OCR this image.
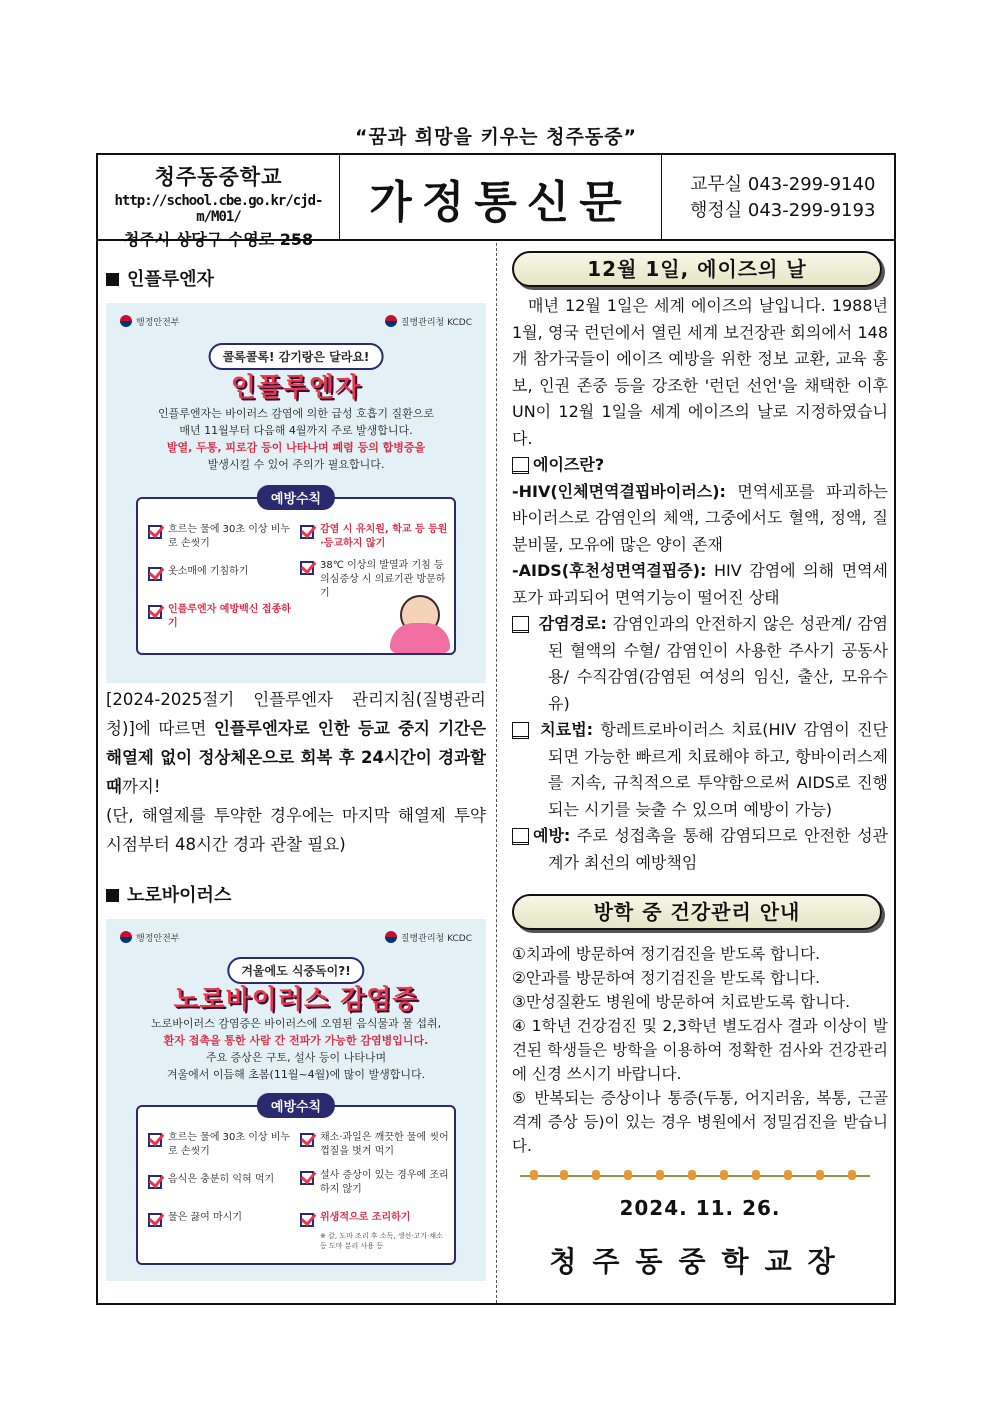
“꿈과 희망을 키우는 청주동중”
청주동중학교
http://school.cbe.go.kr/cjd-m/M01/
청주시 상당구 수영로 258
가정통신문	교무실 043-299-9140
행정실 043-299-9193
인플루엔자
행정안전부	질병관리청 KCDC
콜록콜록! 감기랑은 달라요!
인플루엔자
인플루엔자는 바이러스 감염에 의한 급성 호흡기 질환으로
매년 11월부터 다음해 4월까지 주로 발생합니다.
발열, 두통, 피로감 등이 나타나며 폐렴 등의 합병증을
발생시킬 수 있어 주의가 필요합니다.
예방수칙
흐르는 물에 30초 이상 비누로 손씻기
감염 시 유치원, 학교 등 등원·등교하지 않기
옷소매에 기침하기
38℃ 이상의 발열과 기침 등 의심증상 시 의료기관 방문하기
인플루엔자 예방백신 접종하기
[2024-2025절기 인플루엔자 관리지침(질병관리청)]에 따르면 인플루엔자로 인한 등교 중지 기간은 해열제 없이 정상체온으로 회복 후 24시간이 경과할 때까지!
(단, 해열제를 투약한 경우에는 마지막 해열제 투약 시점부터 48시간 경과 관찰 필요)
노로바이러스
행정안전부	질병관리청 KCDC
겨울에도 식중독이?!
노로바이러스 감염증
노로바이러스 감염증은 바이러스에 오염된 음식물과 물 섭취,
환자 접촉을 통한 사람 간 전파가 가능한 감염병입니다.
주요 증상은 구토, 설사 등이 나타나며
겨울에서 이듬해 초봄(11월~4월)에 많이 발생합니다.
예방수칙
흐르는 물에 30초 이상 비누로 손씻기
채소·과일은 깨끗한 물에 씻어 껍질을 벗겨 먹기
음식은 충분히 익혀 먹기	설사 증상이 있는 경우에 조리하지 않기
물은 끓여 마시기	위생적으로 조리하기
※ 칼, 도마 조리 후 소독, 생선·고기·채소 등 도마 분리 사용 등
12월 1일, 에이즈의 날
매년 12월 1일은 세계 에이즈의 날입니다. 1988년 1월, 영국 런던에서 열린 세계 보건장관 회의에서 148개 참가국들이 에이즈 예방을 위한 정보 교환, 교육 홍보, 인권 존중 등을 강조한 '런던 선언'을 채택한 이후 UN이 12월 1일을 세계 에이즈의 날로 지정하였습니다.
에이즈란?
-HIV(인체면역결핍바이러스): 면역세포를 파괴하는 바이러스로 감염인의 체액, 그중에서도 혈액, 정액, 질 분비물, 모유에 많은 양이 존재
-AIDS(후천성면역결핍증): HIV 감염에 의해 면역세포가 파괴되어 면역기능이 떨어진 상태
감염경로: 감염인과의 안전하지 않은 성관계/ 감염된 혈액의 수혈/ 감염인이 사용한 주사기 공동사용/ 수직감염(감염된 여성의 임신, 출산, 모유수유)
치료법: 항레트로바이러스 치료(HIV 감염이 진단되면 가능한 빠르게 치료해야 하고, 항바이러스제를 지속, 규칙적으로 투약함으로써 AIDS로 진행되는 시기를 늦출 수 있으며 예방이 가능)
예방: 주로 성접촉을 통해 감염되므로 안전한 성관계가 최선의 예방책임
방학 중 건강관리 안내
①치과에 방문하여 정기검진을 받도록 합니다.
②안과를 방문하여 정기검진을 받도록 합니다.
③만성질환도 병원에 방문하여 치료받도록 합니다.
④ 1학년 건강검진 및 2,3학년 별도검사 결과 이상이 발견된 학생들은 방학을 이용하여 정확한 검사와 건강관리에 신경 쓰시기 바랍니다.
⑤ 반복되는 증상이나 통증(두통, 어지러움, 복통, 근골격계 증상 등)이 있는 경우 병원에서 정밀검진을 받습니다.
2024. 11. 26.
청주동중학교장
